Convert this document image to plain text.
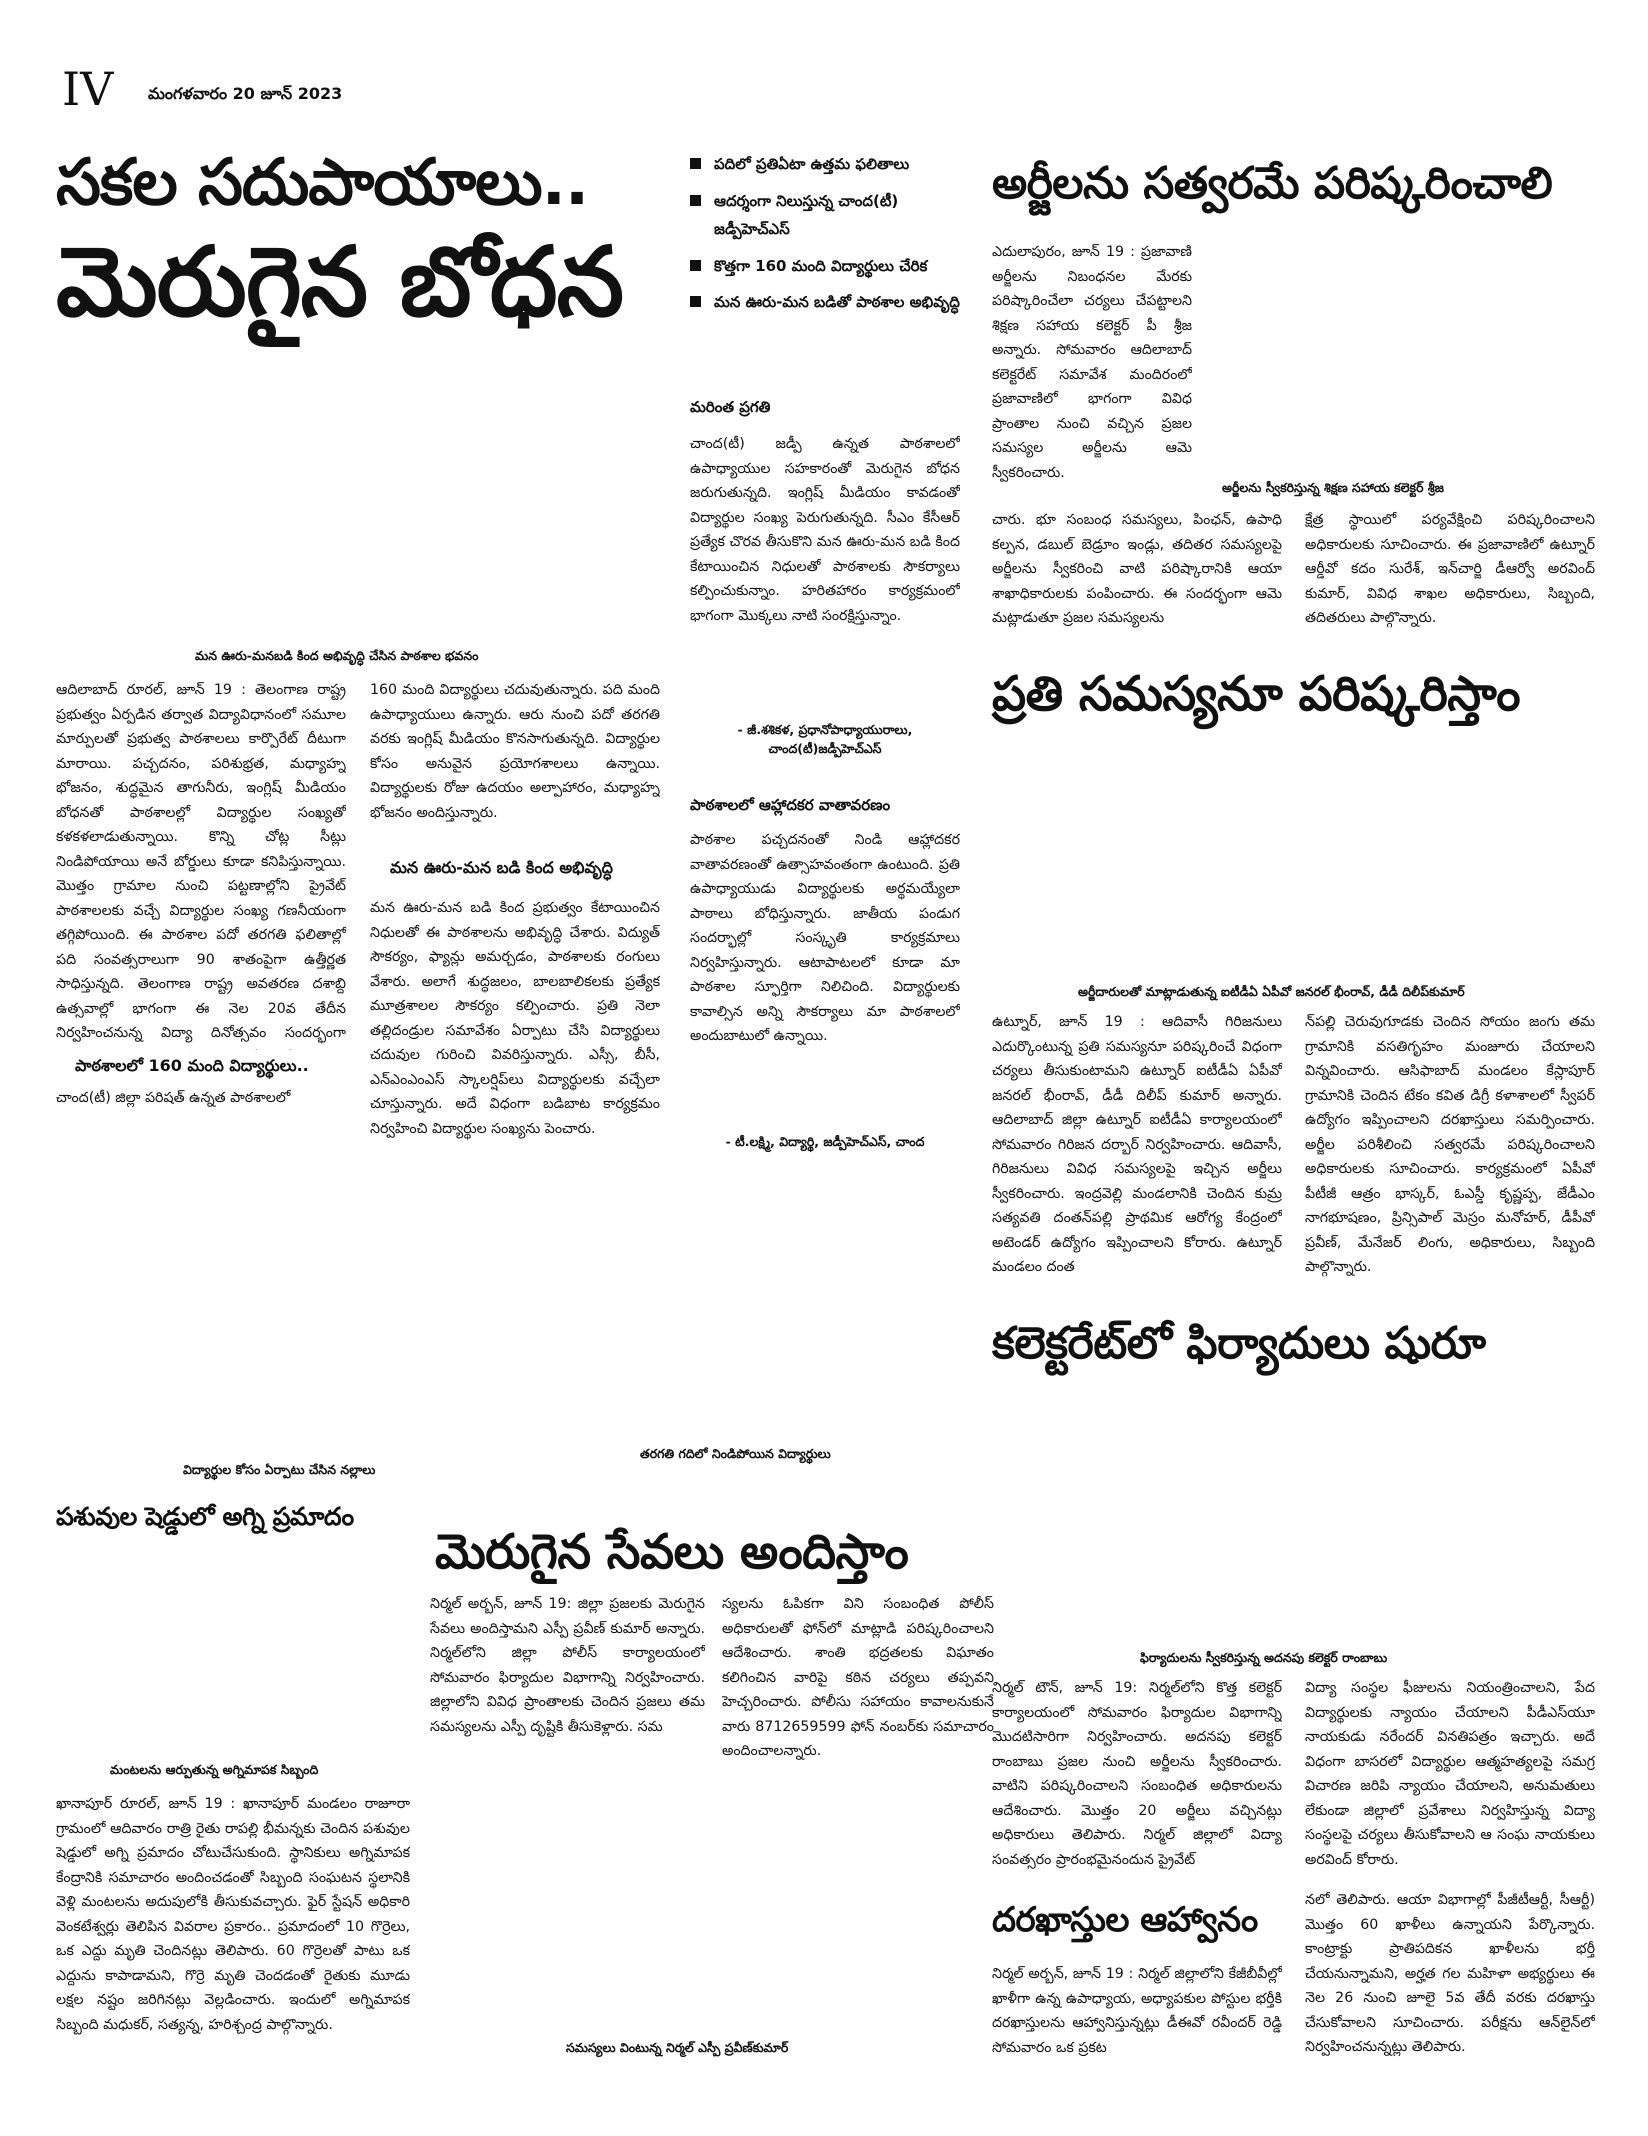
IV మంగళవారం 20 జూన్ 2023
సకల సదుపాయాలు..
మెరుగైన బోధన
పదిలో ప్రతిఏటా ఉత్తమ ఫలితాలు
ఆదర్శంగా నిలుస్తున్న చాంద(టీ) జడ్పీహెచ్ఎస్
కొత్తగా 160 మంది విద్యార్థులు చేరిక
మన ఊరు-మన బడితో పాఠశాల అభివృద్ధి
మరింత ప్రగతి
చాంద(టీ) జడ్పీ ఉన్నత పాఠశాలలో ఉపాధ్యాయుల సహకారంతో మెరుగైన బోధన జరుగుతున్నది. ఇంగ్లిష్ మీడియం కావడంతో విద్యార్థుల సంఖ్య పెరుగుతున్నది. సీఎం కేసీఆర్ ప్రత్యేక చొరవ తీసుకొని మన ఊరు-మన బడి కింద కేటాయించిన నిధులతో పాఠశాలకు సౌకర్యాలు కల్పించుకున్నాం. హరితహారం కార్యక్రమంలో భాగంగా మొక్కలు నాటి సంరక్షిస్తున్నాం.
- జీ.శశికళ, ప్రధానోపాధ్యాయురాలు, చాంద(టీ)జడ్పీహెచ్ఎస్
పాఠశాలలో ఆహ్లాదకర వాతావరణం
పాఠశాల పచ్చదనంతో నిండి ఆహ్లాదకర వాతావరణంతో ఉత్సాహవంతంగా ఉంటుంది. ప్రతి ఉపాధ్యాయుడు విద్యార్థులకు అర్థమయ్యేలా పాఠాలు బోధిస్తున్నారు. జాతీయ పండుగ సందర్భాల్లో సంస్కృతి కార్యక్రమాలు నిర్వహిస్తున్నారు. ఆటాపాటలలో కూడా మా పాఠశాల స్ఫూర్తిగా నిలిచింది. విద్యార్థులకు కావాల్సిన అన్ని సౌకర్యాలు మా పాఠశాలలో అందుబాటులో ఉన్నాయి.
- టీ.లక్ష్మి, విద్యార్థి, జడ్పీహెచ్ఎస్, చాంద
మన ఊరు-మనబడి కింద అభివృద్ధి చేసిన పాఠశాల భవనం
ఆదిలాబాద్ రూరల్, జూన్ 19 : తెలంగాణ రాష్ట్ర ప్రభుత్వం ఏర్పడిన తర్వాత విద్యావిధానంలో సమూల మార్పులతో ప్రభుత్వ పాఠశాలలు కార్పొరేట్ దీటుగా మారాయి. పచ్చదనం, పరిశుభ్రత, మధ్యాహ్న భోజనం, శుద్ధమైన తాగునీరు, ఇంగ్లిష్ మీడియం బోధనతో పాఠశాలల్లో విద్యార్థుల సంఖ్యతో కళకళలాడుతున్నాయి. కొన్ని చోట్ల సీట్లు నిండిపోయాయి అనే బోర్డులు కూడా కనిపిస్తున్నాయి. మొత్తం గ్రామాల నుంచి పట్టణాల్లోని ప్రైవేట్ పాఠశాలలకు వచ్చే విద్యార్థుల సంఖ్య గణనీయంగా తగ్గిపోయింది. ఈ పాఠశాల పదో తరగతి ఫలితాల్లో పది సంవత్సరాలుగా 90 శాతంపైగా ఉత్తీర్ణత సాధిస్తున్నది. తెలంగాణ రాష్ట్ర అవతరణ దశాబ్ది ఉత్సవాల్లో భాగంగా ఈ నెల 20వ తేదీన నిర్వహించనున్న విద్యా దినోత్సవం సందర్భంగా
పాఠశాలలో 160 మంది విద్యార్థులు..
చాంద(టీ) జిల్లా పరిషత్ ఉన్నత పాఠశాలలో
160 మంది విద్యార్థులు చదువుతున్నారు. పది మంది ఉపాధ్యాయులు ఉన్నారు. ఆరు నుంచి పదో తరగతి వరకు ఇంగ్లిష్ మీడియం కొనసాగుతున్నది. విద్యార్థుల కోసం అనువైన ప్రయోగశాలలు ఉన్నాయి. విద్యార్థులకు రోజు ఉదయం అల్పాహారం, మధ్యాహ్న భోజనం అందిస్తున్నారు.
మన ఊరు-మన బడి కింద అభివృద్ధి
మన ఊరు-మన బడి కింద ప్రభుత్వం కేటాయించిన నిధులతో ఈ పాఠశాలను అభివృద్ధి చేశారు. విద్యుత్ సౌకర్యం, ఫ్యాన్లు అమర్చడం, పాఠశాలకు రంగులు వేశారు. అలాగే శుద్ధజలం, బాలబాలికలకు ప్రత్యేక మూత్రశాలల సౌకర్యం కల్పించారు. ప్రతి నెలా తల్లిదండ్రుల సమావేశం ఏర్పాటు చేసి విద్యార్థులు చదువుల గురించి వివరిస్తున్నారు. ఎస్సీ, బీసీ, ఎన్ఎంఎంఎస్ స్కాలర్షిప్‌లు విద్యార్థులకు వచ్చేలా చూస్తున్నారు. అదే విధంగా బడిబాట కార్యక్రమం నిర్వహించి విద్యార్థుల సంఖ్యను పెంచారు.
విద్యార్థుల కోసం ఏర్పాటు చేసిన నల్లాలు
తరగతి గదిలో నిండిపోయిన విద్యార్థులు
అర్జీలను సత్వరమే పరిష్కరించాలి
ఎదులాపురం, జూన్ 19 : ప్రజావాణి అర్జీలను నిబంధనల మేరకు పరిష్కారించేలా చర్యలు చేపట్టాలని శిక్షణ సహాయ కలెక్టర్ పీ శ్రీజ అన్నారు. సోమవారం ఆదిలాబాద్ కలెక్టరేట్ సమావేశ మందిరంలో ప్రజావాణిలో భాగంగా వివిధ ప్రాంతాల నుంచి వచ్చిన ప్రజల సమస్యల అర్జీలను ఆమె స్వీకరించారు.
అర్జీలను స్వీకరిస్తున్న శిక్షణ సహాయ కలెక్టర్ శ్రీజ
చారు. భూ సంబంధ సమస్యలు, పింఛన్, ఉపాధి కల్పన, డబుల్ బెడ్రూం ఇండ్లు, తదితర సమస్యలపై అర్జీలను స్వీకరించి వాటి పరిష్కారానికి ఆయా శాఖాధికారులకు పంపించారు. ఈ సందర్భంగా ఆమె మట్లాడుతూ ప్రజల సమస్యలను
క్షేత్ర స్థాయిలో పర్యవేక్షించి పరిష్కరించాలని అధికారులకు సూచించారు. ఈ ప్రజావాణిలో ఉట్నూర్ ఆర్డీవో కదం సురేశ్, ఇన్‌చార్జి డీఆర్వో అరవింద్ కుమార్, వివిధ శాఖల అధికారులు, సిబ్బంది, తదితరులు పాల్గొన్నారు.
ప్రతి సమస్యనూ పరిష్కరిస్తాం
అర్జీదారులతో మాట్లాడుతున్న ఐటీడీఏ ఏపీవో జనరల్ భీంరావ్, డీడీ దిలీప్‌కుమార్
ఉట్నూర్, జూన్ 19 : ఆదివాసీ గిరిజనులు ఎదుర్కొంటున్న ప్రతి సమస్యనూ పరిష్కరించే విధంగా చర్యలు తీసుకుంటామని ఉట్నూర్ ఐటీడీఏ ఏపీవో జనరల్ భీంరావ్, డీడీ దిలీప్ కుమార్ అన్నారు. ఆదిలాబాద్ జిల్లా ఉట్నూర్ ఐటీడీఏ కార్యాలయంలో సోమవారం గిరిజన దర్బార్ నిర్వహించారు. ఆదివాసీ, గిరిజనులు వివిధ సమస్యలపై ఇచ్చిన అర్జీలు స్వీకరించారు. ఇంద్రవెల్లి మండలానికి చెందిన కుమ్ర సత్యవతి దంతన్‌పల్లి ప్రాథమిక ఆరోగ్య కేంద్రంలో అటెండర్ ఉద్యోగం ఇప్పించాలని కోరారు. ఉట్నూర్ మండలం దంత
న్‌పల్లి చెరువుగూడకు చెందిన సోయం జంగు తమ గ్రామానికి వసతిగృహం మంజూరు చేయాలని విన్నవించారు. ఆసిఫాబాద్ మండలం కేస్లాపూర్ గ్రామానికి చెందిన టేకం కవిత డిగ్రీ కళాశాలలో స్వీపర్ ఉద్యోగం ఇప్పించాలని దరఖాస్తులు సమర్పించారు. అర్జీల పరిశీలించి సత్వరమే పరిష్కరించాలని అధికారులకు సూచించారు. కార్యక్రమంలో ఏపీవో పీటీజీ ఆత్రం భాస్కర్, ఓఎస్డీ కృష్ణప్ప, జేడీఎం నాగభూషణం, ప్రిన్సిపాల్ మెస్రం మనోహర్, డీపీవో ప్రవీణ్, మేనేజర్ లింగు, అధికారులు, సిబ్బంది పాల్గొన్నారు.
కలెక్టరేట్‌లో ఫిర్యాదులు షురూ
పశువుల షెడ్డులో అగ్ని ప్రమాదం
మంటలను ఆర్పుతున్న అగ్నిమాపక సిబ్బంది
ఖానాపూర్ రూరల్, జూన్ 19 : ఖానాపూర్ మండలం రాజూరా గ్రామంలో ఆదివారం రాత్రి రైతు రాపల్లి భీమన్నకు చెందిన పశువుల షెడ్డులో అగ్ని ప్రమాదం చోటుచేసుకుంది. స్థానికులు అగ్నిమాపక కేంద్రానికి సమాచారం అందించడంతో సిబ్బంది సంఘటన స్థలానికి వెళ్లి మంటలను అదుపులోకి తీసుకువచ్చారు. ఫైర్ స్టేషన్ అధికారి వెంకటేశ్వర్లు తెలిపిన వివరాల ప్రకారం.. ప్రమాదంలో 10 గొర్రెలు, ఒక ఎద్దు మృతి చెందినట్లు తెలిపారు. 60 గొర్రెలతో పాటు ఒక ఎద్దును కాపాడామని, గొర్రె మృతి చెందడంతో రైతుకు మూడు లక్షల నష్టం జరిగినట్లు వెల్లడించారు. ఇందులో అగ్నిమాపక సిబ్బంది మధుకర్, సత్యన్న, హరిశ్చంద్ర పాల్గొన్నారు.
మెరుగైన సేవలు అందిస్తాం
నిర్మల్ అర్బన్, జూన్ 19: జిల్లా ప్రజలకు మెరుగైన సేవలు అందిస్తామని ఎస్పీ ప్రవీణ్ కుమార్ అన్నారు. నిర్మల్‌లోని జిల్లా పోలీస్ కార్యాలయంలో సోమవారం ఫిర్యాదుల విభాగాన్ని నిర్వహించారు. జిల్లాలోని వివిధ ప్రాంతాలకు చెందిన ప్రజలు తమ సమస్యలను ఎస్పీ దృష్టికి తీసుకెళ్లారు. సమ
స్యలను ఓపికగా విని సంబంధిత పోలీస్ అధికారులతో ఫోన్‌లో మాట్లాడి పరిష్కరించాలని ఆదేశించారు. శాంతి భద్రతలకు విఘాతం కలిగించిన వారిపై కఠిన చర్యలు తప్పవని హెచ్చరించారు. పోలీసు సహాయం కావాలనుకునే వారు 8712659599 ఫోన్ నంబర్‌కు సమాచారం అందించాలన్నారు.
సమస్యలు వింటున్న నిర్మల్ ఎస్పీ ప్రవీణ్‌కుమార్
ఫిర్యాదులను స్వీకరిస్తున్న అదనపు కలెక్టర్ రాంబాబు
నిర్మల్ టౌన్, జూన్ 19: నిర్మల్‌లోని కొత్త కలెక్టర్ కార్యాలయంలో సోమవారం ఫిర్యాదుల విభాగాన్ని మొదటిసారిగా నిర్వహించారు. అదనపు కలెక్టర్ రాంబాబు ప్రజల నుంచి అర్జీలను స్వీకరించారు. వాటిని పరిష్కరించాలని సంబంధిత అధికారులను ఆదేశించారు. మొత్తం 20 అర్జీలు వచ్చినట్లు అధికారులు తెలిపారు. నిర్మల్ జిల్లాలో విద్యా సంవత్సరం ప్రారంభమైనందున ప్రైవేట్
విద్యా సంస్థల ఫీజులను నియంత్రించాలని, పేద విద్యార్థులకు న్యాయం చేయాలని పీడీఎస్‌యూ నాయకుడు నరేందర్ వినతిపత్రం ఇచ్చారు. అదే విధంగా బాసరలో విద్యార్థుల ఆత్మహత్యలపై సమగ్ర విచారణ జరిపి న్యాయం చేయాలని, అనుమతులు లేకుండా జిల్లాలో ప్రవేశాలు నిర్వహిస్తున్న విద్యా సంస్థలపై చర్యలు తీసుకోవాలని ఆ సంఘ నాయకులు అరవింద్ కోరారు.
దరఖాస్తుల ఆహ్వానం
నిర్మల్ అర్బన్, జూన్ 19 : నిర్మల్ జిల్లాలోని కేజీబీవీల్లో ఖాళీగా ఉన్న ఉపాధ్యాయ, అధ్యాపకుల పోస్టుల భర్తీకి దరఖాస్తులను ఆహ్వానిస్తున్నట్లు డీఈవో రవీందర్ రెడ్డి సోమవారం ఒక ప్రకట
నలో తెలిపారు. ఆయా విభాగాల్లో పీజీటీఆర్టీ, సీఆర్టీ) మొత్తం 60 ఖాళీలు ఉన్నాయని పేర్కొన్నారు. కాంట్రాక్టు ప్రాతిపదికన ఖాళీలను భర్తీ చేయనున్నామని, అర్హత గల మహిళా అభ్యర్థులు ఈ నెల 26 నుంచి జూలై 5వ తేదీ వరకు దరఖాస్తు చేసుకోవాలని సూచించారు. పరీక్షను ఆన్‌లైన్‌లో నిర్వహించనున్నట్లు తెలిపారు.
